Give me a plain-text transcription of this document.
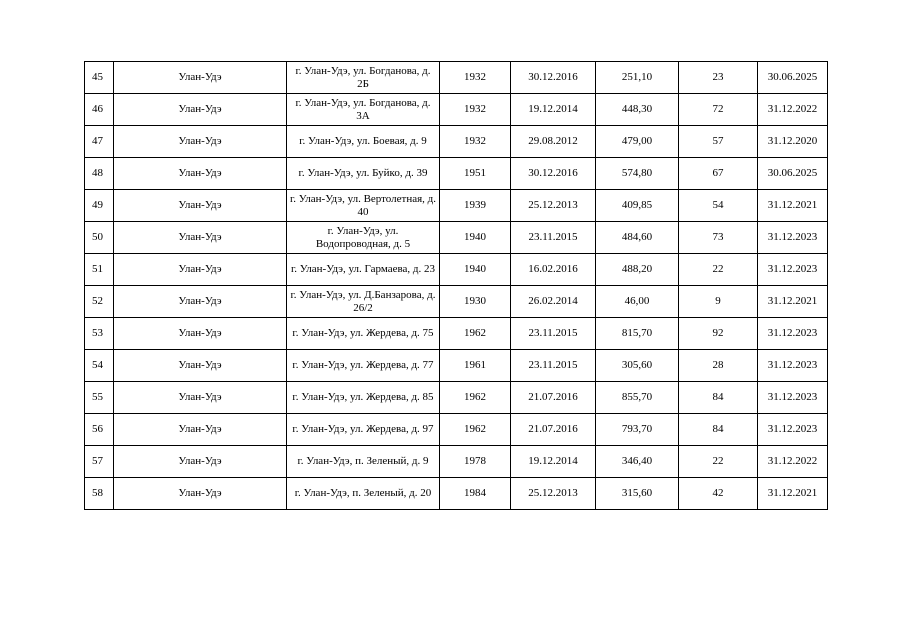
45	Улан-Удэ	г. Улан-Удэ, ул. Богданова, д. 2Б	1932	30.12.2016	251,10	23	30.06.2025
46	Улан-Удэ	г. Улан-Удэ, ул. Богданова, д. 3А	1932	19.12.2014	448,30	72	31.12.2022
47	Улан-Удэ	г. Улан-Удэ, ул. Боевая, д. 9	1932	29.08.2012	479,00	57	31.12.2020
48	Улан-Удэ	г. Улан-Удэ, ул. Буйко, д. 39	1951	30.12.2016	574,80	67	30.06.2025
49	Улан-Удэ	г. Улан-Удэ, ул. Вертолетная, д. 40	1939	25.12.2013	409,85	54	31.12.2021
50	Улан-Удэ	г. Улан-Удэ, ул. Водопроводная, д. 5	1940	23.11.2015	484,60	73	31.12.2023
51	Улан-Удэ	г. Улан-Удэ, ул. Гармаева, д. 23	1940	16.02.2016	488,20	22	31.12.2023
52	Улан-Удэ	г. Улан-Удэ, ул. Д.Банзарова, д. 26/2	1930	26.02.2014	46,00	9	31.12.2021
53	Улан-Удэ	г. Улан-Удэ, ул. Жердева, д. 75	1962	23.11.2015	815,70	92	31.12.2023
54	Улан-Удэ	г. Улан-Удэ, ул. Жердева, д. 77	1961	23.11.2015	305,60	28	31.12.2023
55	Улан-Удэ	г. Улан-Удэ, ул. Жердева, д. 85	1962	21.07.2016	855,70	84	31.12.2023
56	Улан-Удэ	г. Улан-Удэ, ул. Жердева, д. 97	1962	21.07.2016	793,70	84	31.12.2023
57	Улан-Удэ	г. Улан-Удэ, п. Зеленый, д. 9	1978	19.12.2014	346,40	22	31.12.2022
58	Улан-Удэ	г. Улан-Удэ, п. Зеленый, д. 20	1984	25.12.2013	315,60	42	31.12.2021
